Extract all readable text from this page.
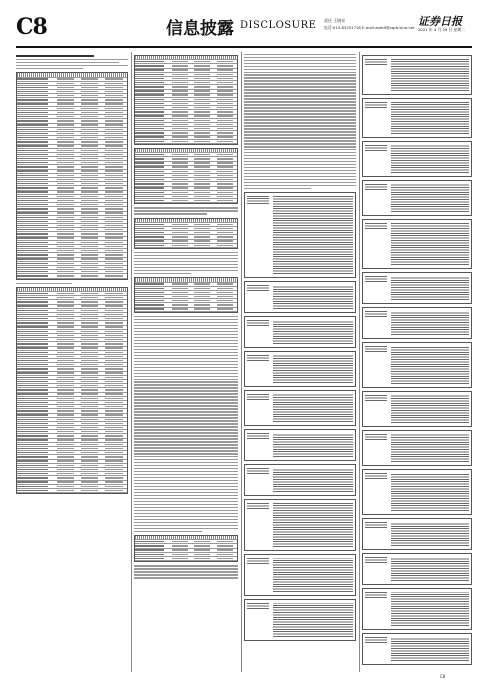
C8	信息披露 DISCLOSURE 责任 王晓亮
电话:010-83251716 E-mail:zqrb9@zqrb.sina.net 证券日报
2021 年 4 月 29 日 星期二
C8
